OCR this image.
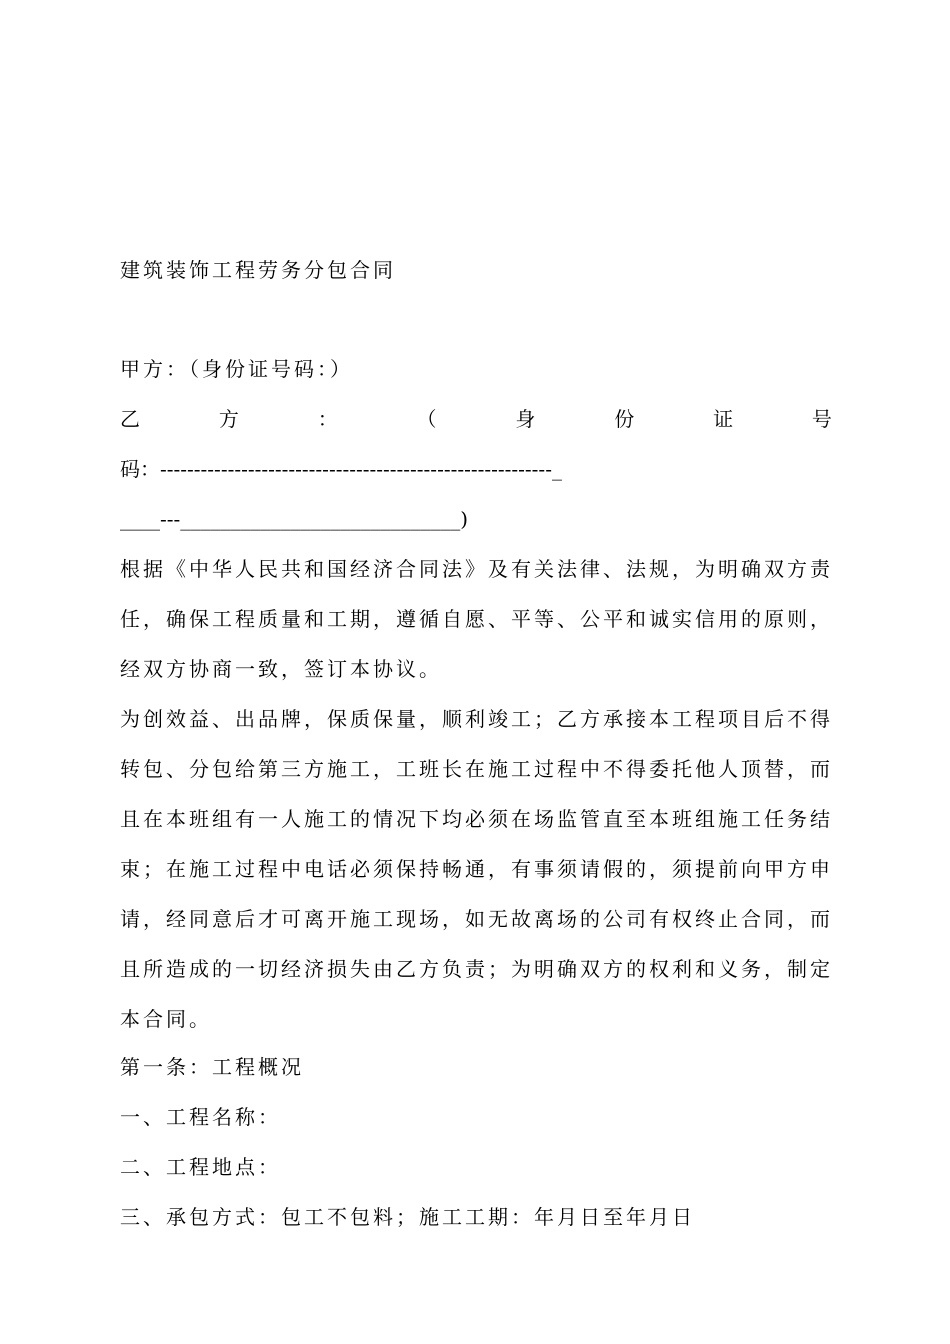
建筑装饰工程劳务分包合同
甲方：（身份证号码：）
乙	方	：	（	身	份	证	号
码：----------------------------------------------------------_
____---____________________________)
根据《中华人民共和国经济合同法》及有关法律、法规，为明确双方责
任，确保工程质量和工期，遵循自愿、平等、公平和诚实信用的原则，
经双方协商一致，签订本协议。
为创效益、出品牌，保质保量，顺利竣工；乙方承接本工程项目后不得
转包、分包给第三方施工，工班长在施工过程中不得委托他人顶替，而
且在本班组有一人施工的情况下均必须在场监管直至本班组施工任务结
束；在施工过程中电话必须保持畅通，有事须请假的，须提前向甲方申
请，经同意后才可离开施工现场，如无故离场的公司有权终止合同，而
且所造成的一切经济损失由乙方负责；为明确双方的权利和义务，制定
本合同。
第一条：工程概况
一、工程名称：
二、工程地点：
三、承包方式：包工不包料；施工工期：年月日至年月日
